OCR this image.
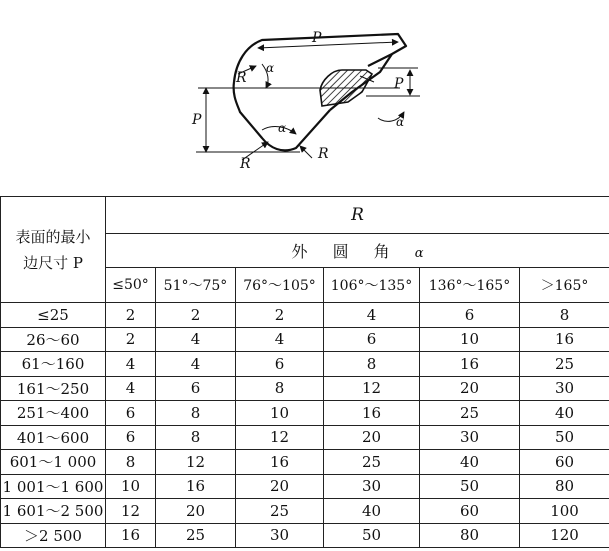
P
P
P
R
R
R
α
α	α
表面的最小
边尺寸 P	R					
	外 圆 角 α					
	≤50°	51°～75°	76°～105°	106°～135°	136°～165°	＞165°
≤25	2	2	2	4	6	8
26～60	2	4	4	6	10	16
61～160	4	4	6	8	16	25
161～250	4	6	8	12	20	30
251～400	6	8	10	16	25	40
401～600	6	8	12	20	30	50
601～1 000	8	12	16	25	40	60
1 001～1 600	10	16	20	30	50	80
1 601～2 500	12	20	25	40	60	100
＞2 500	16	25	30	50	80	120
